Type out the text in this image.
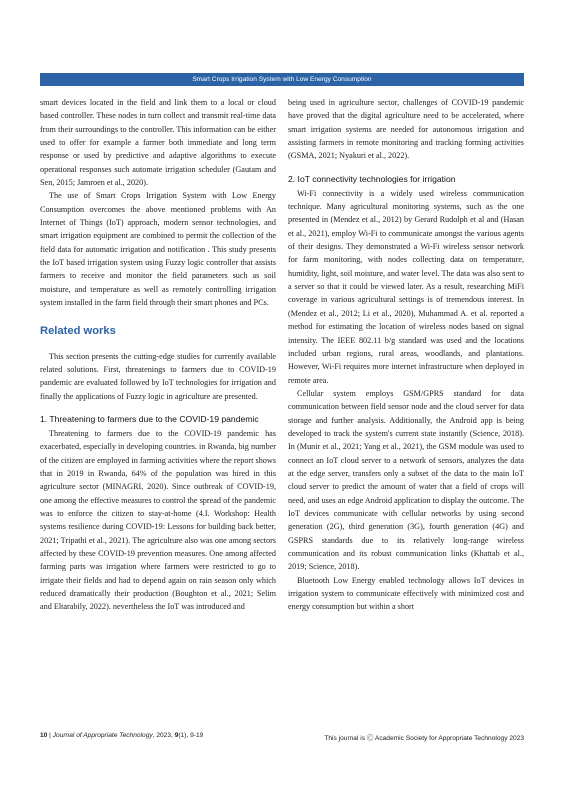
Smart Crops Irrigation System with Low Energy Consumption

smart devices located in the field and link them to a local or cloud based controller. These nodes in turn collect and transmit real-time data from their surroundings to the controller. This information can be either used to offer for example a farmer both immediate and long term response or used by predictive and adaptive algorithms to execute operational responses such automate irrigation scheduler (Gautam and Sen, 2015; Jamroen et al., 2020).

The use of Smart Crops Irrigation System with Low Energy Consumption overcomes the above mentioned problems with An Internet of Things (IoT) approach, modern sensor technologies, and smart irrigation equipment are combined to permit the collection of the field data for automatic irrigation and notification . This study presents the IoT based irrigation system using Fuzzy logic controller that assists farmers to receive and monitor the field parameters such as soil moisture, and temperature as well as remotely controlling irrigation system installed in the farm field through their smart phones and PCs.

Related works

This section presents the cutting-edge studies for currently available related solutions. First, threatenings to farmers due to COVID-19 pandemic are evaluated followed by IoT technologies for irrigation and finally the applications of Fuzzy logic in agriculture are presented.

1. Threatening to farmers due to the COVID-19 pandemic

Threatening to farmers due to the COVID-19 pandemic has exacerbated, especially in developing countries. in Rwanda, big number of the citizen are employed in farming activities where the report shows that in 2019 in Rwanda, 64% of the population was hired in this agriculture sector (MINAGRI, 2020). Since outbreak of COVID-19, one among the effective measures to control the spread of the pandemic was to enforce the citizen to stay-at-home (4.I. Workshop: Health systems resilience during COVID-19: Lessons for building back better, 2021; Tripathi et al., 2021). The agriculture also was one among sectors affected by these COVID-19 prevention measures. One among affected farming parts was irrigation where farmers were restricted to go to irrigate their fields and had to depend again on rain season only which reduced dramatically their production (Boughton et al., 2021; Selim and Eltarabily, 2022). nevertheless the IoT was introduced and

being used in agriculture sector, challenges of COVID-19 pandemic have proved that the digital agriculture need to be accelerated, where smart irrigation systems are needed for autonomous irrigation and assisting farmers in remote monitoring and tracking forming activities (GSMA, 2021; Nyakuri et al., 2022).

2. IoT connectivity technologies for irrigation

Wi-Fi connectivity is a widely used wireless communication technique. Many agricultural monitoring systems, such as the one presented in (Mendez et al., 2012) by Gerard Rudolph et al and (Hasan et al., 2021), employ Wi-Fi to communicate amongst the various agents of their designs. They demonstrated a Wi-Fi wireless sensor network for farm monitoring, with nodes collecting data on temperature, humidity, light, soil moisture, and water level. The data was also sent to a server so that it could be viewed later. As a result, researching MiFi coverage in various agricultural settings is of tremendous interest. In (Mendez et al., 2012; Li et al., 2020), Muhammad A. et al. reported a method for estimating the location of wireless nodes based on signal intensity. The IEEE 802.11 b/g standard was used and the locations included urban regions, rural areas, woodlands, and plantations. However, Wi-Fi requires more internet infrastructure when deployed in remote area.

Cellular system employs GSM/GPRS standard for data communication between field sensor node and the cloud server for data storage and further analysis. Additionally, the Android app is being developed to track the system's current state instantly (Science, 2018). In (Munir et al., 2021; Yang et al., 2021), the GSM module was used to connect an IoT cloud server to a network of sensors, analyzes the data at the edge server, transfers only a subset of the data to the main IoT cloud server to predict the amount of water that a field of crops will need, and uses an edge Android application to display the outcome. The IoT devices communicate with cellular networks by using second generation (2G), third generation (3G), fourth generation (4G) and GSPRS standards due to its relatively long-range wireless communication and its robust communication links (Khattab et al., 2019; Science, 2018).

Bluetooth Low Energy enabled technology allows IoT devices in irrigation system to communicate effectively with minimized cost and energy consumption but within a short

10 | Journal of Appropriate Technology, 2023, 9(1), 9-19	This journal is Ⓒ Academic Society for Appropriate Technology 2023
